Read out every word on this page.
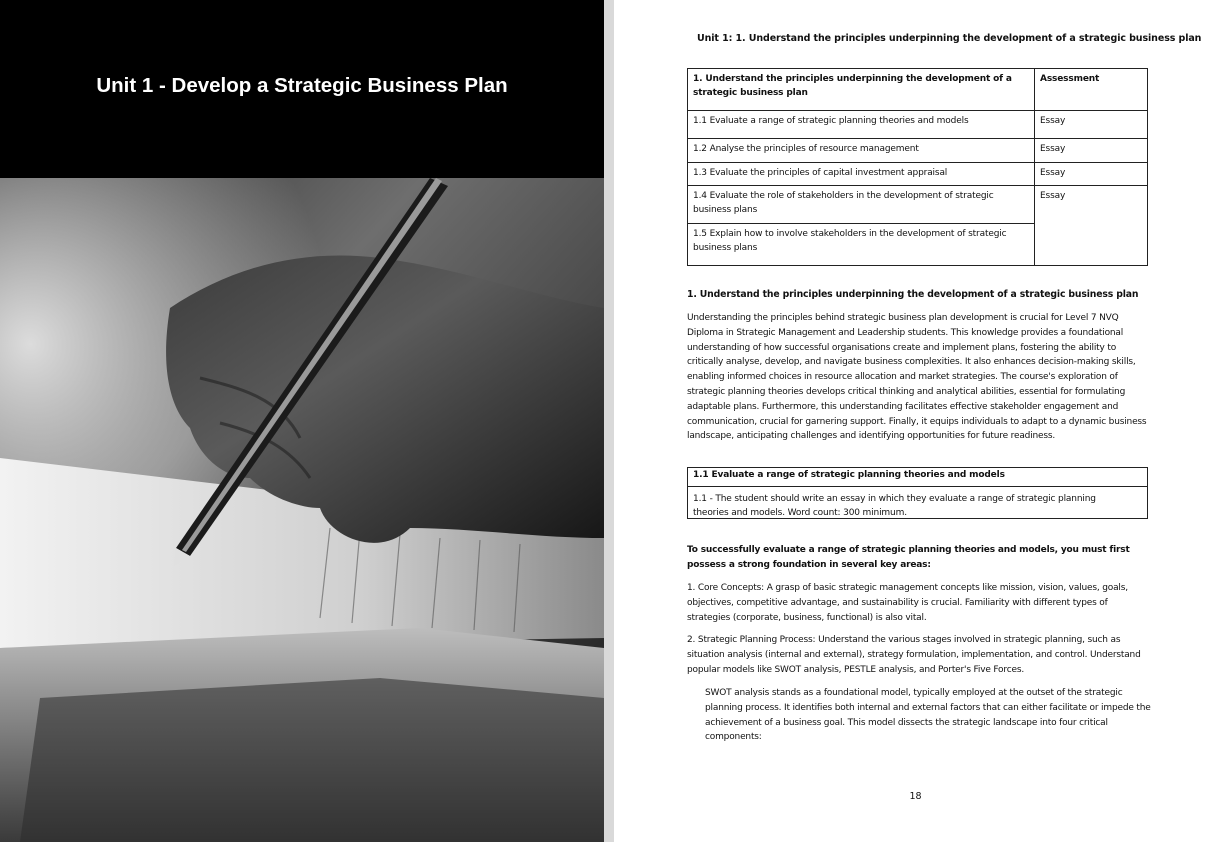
Unit 1 - Develop a Strategic Business Plan
Unit 1: 1. Understand the principles underpinning the development of a strategic business plan
1. Understand the principles underpinning the development of a strategic business plan	Assessment
1.1 Evaluate a range of strategic planning theories and models	Essay
1.2 Analyse the principles of resource management	Essay
1.3 Evaluate the principles of capital investment appraisal	Essay
1.4 Evaluate the role of stakeholders in the development of strategic business plans	Essay
1.5 Explain how to involve stakeholders in the development of strategic business plans	
1. Understand the principles underpinning the development of a strategic business plan
Understanding the principles behind strategic business plan development is crucial for Level 7 NVQ Diploma in Strategic Management and Leadership students. This knowledge provides a foundational understanding of how successful organisations create and implement plans, fostering the ability to critically analyse, develop, and navigate business complexities. It also enhances decision-making skills, enabling informed choices in resource allocation and market strategies. The course's exploration of strategic planning theories develops critical thinking and analytical abilities, essential for formulating adaptable plans. Furthermore, this understanding facilitates effective stakeholder engagement and communication, crucial for garnering support. Finally, it equips individuals to adapt to a dynamic business landscape, anticipating challenges and identifying opportunities for future readiness.
1.1 Evaluate a range of strategic planning theories and models
1.1 - The student should write an essay in which they evaluate a range of strategic planning theories and models. Word count: 300 minimum.
To successfully evaluate a range of strategic planning theories and models, you must first possess a strong foundation in several key areas:
1. Core Concepts: A grasp of basic strategic management concepts like mission, vision, values, goals, objectives, competitive advantage, and sustainability is crucial. Familiarity with different types of strategies (corporate, business, functional) is also vital.
2. Strategic Planning Process: Understand the various stages involved in strategic planning, such as situation analysis (internal and external), strategy formulation, implementation, and control. Understand popular models like SWOT analysis, PESTLE analysis, and Porter's Five Forces.
SWOT analysis stands as a foundational model, typically employed at the outset of the strategic planning process. It identifies both internal and external factors that can either facilitate or impede the achievement of a business goal. This model dissects the strategic landscape into four critical components:
18
